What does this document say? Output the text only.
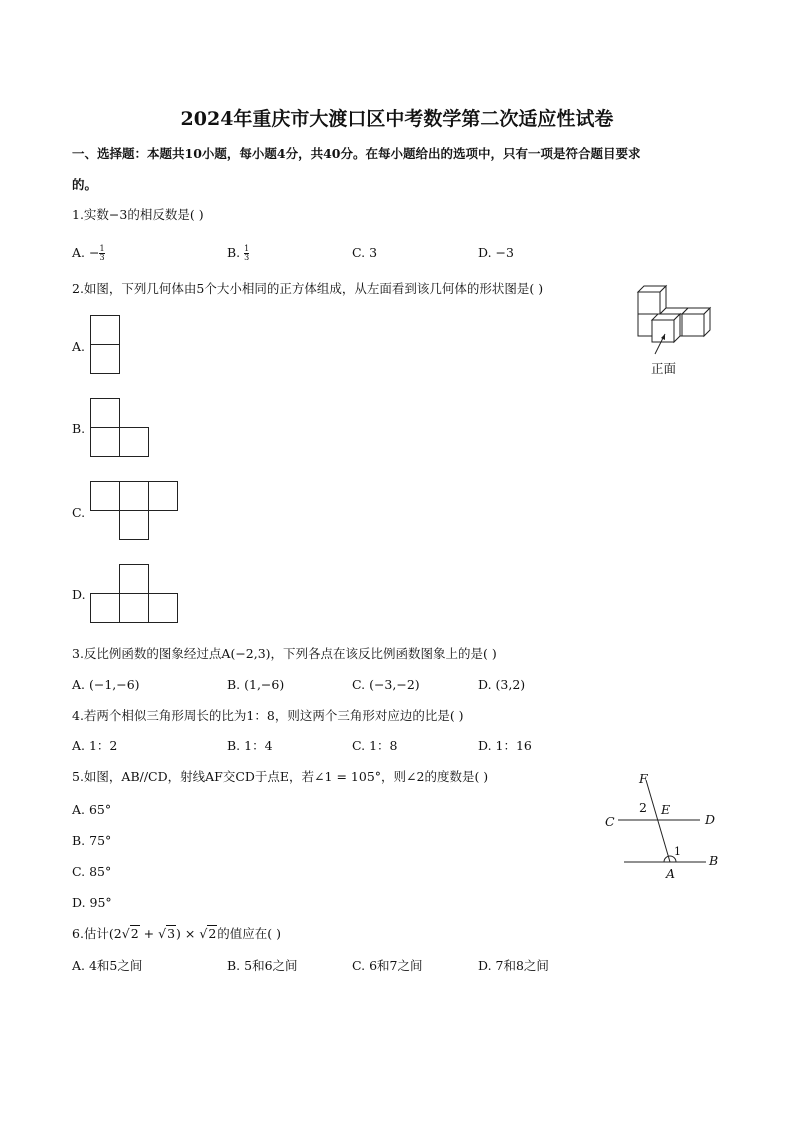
2024年重庆市大渡口区中考数学第二次适应性试卷
一、选择题：本题共10小题，每小题4分，共40分。在每小题给出的选项中，只有一项是符合题目要求
的。
1.实数−3的相反数是( )
A. − $\frac{1}{3}$	B. $\frac{1}{3}$	C. 3	D. −3
2.如图，下列几何体由5个大小相同的正方体组成，从左面看到该几何体的形状图是( )
正面
A.
B.
C.
D.
3.反比例函数的图象经过点A(−2,3)，下列各点在该反比例函数图象上的是( )
A. (−1,−6)	B. (1,−6)	C. (−3,−2)	D. (3,2)
4.若两个相似三角形周长的比为1：8，则这两个三角形对应边的比是( )
A. 1：2	B. 1：4	C. 1：8	D. 1：16
5.如图，AB//CD，射线AF交CD于点E，若∠1 = 105°，则∠2的度数是( )
A. 65°
B. 75°
C. 85°
D. 95°
F
2 E
C	D
1
B
A
6.估计(2√2 + √3) × √2的值应在( )
A. 4和5之间	B. 5和6之间	C. 6和7之间	D. 7和8之间
